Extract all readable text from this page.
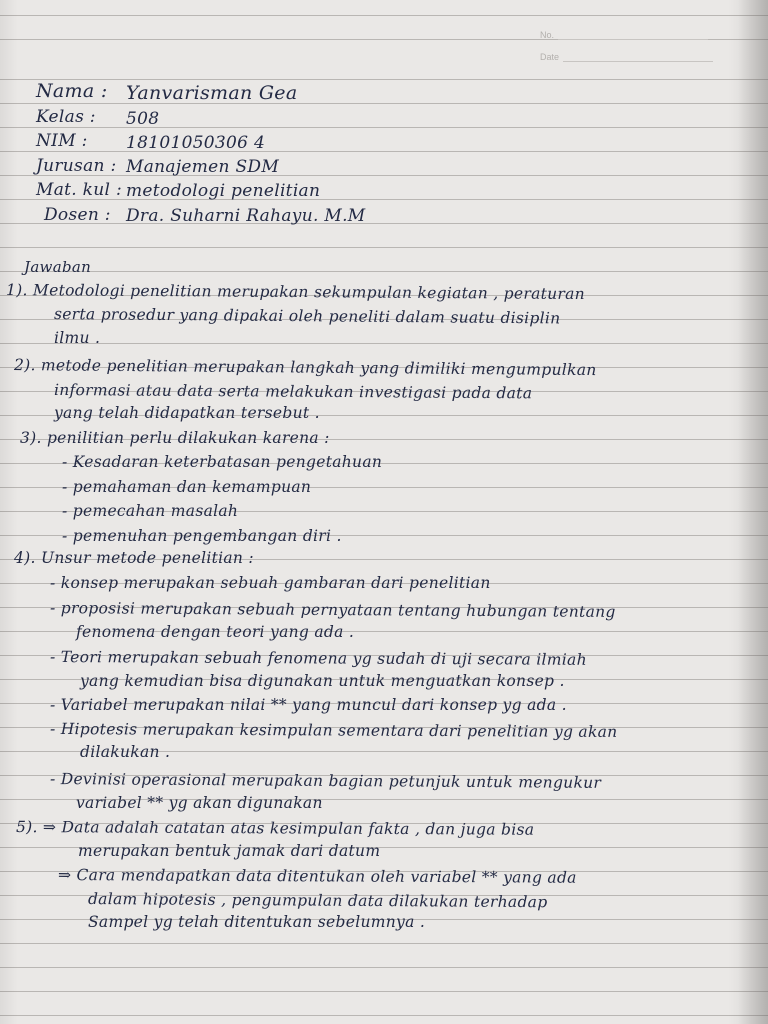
No.
Date
Nama : Yanvarisman Gea
Kelas : 508
NIM : 18101050306 4
Jurusan : Manajemen SDM
Mat. kul : metodologi penelitian
Dosen : Dra. Suharni Rahayu. M.M
Jawaban
1). Metodologi penelitian merupakan sekumpulan kegiatan , peraturan
serta prosedur yang dipakai oleh peneliti dalam suatu disiplin
ilmu .
2). metode penelitian merupakan langkah yang dimiliki mengumpulkan
informasi atau data serta melakukan investigasi pada data
yang telah didapatkan tersebut .
3). penilitian perlu dilakukan karena :
- Kesadaran keterbatasan pengetahuan
- pemahaman dan kemampuan
- pemecahan masalah
- pemenuhan pengembangan diri .
4). Unsur metode penelitian :
- konsep merupakan sebuah gambaran dari penelitian
- proposisi merupakan sebuah pernyataan tentang hubungan tentang
fenomena dengan teori yang ada .
- Teori merupakan sebuah fenomena yg sudah di uji secara ilmiah
yang kemudian bisa digunakan untuk menguatkan konsep .
- Variabel merupakan nilai ** yang muncul dari konsep yg ada .
- Hipotesis merupakan kesimpulan sementara dari penelitian yg akan
dilakukan .
- Devinisi operasional merupakan bagian petunjuk untuk mengukur
variabel ** yg akan digunakan
5). ⇒ Data adalah catatan atas kesimpulan fakta , dan juga bisa
merupakan bentuk jamak dari datum
⇒ Cara mendapatkan data ditentukan oleh variabel ** yang ada
dalam hipotesis , pengumpulan data dilakukan terhadap
Sampel yg telah ditentukan sebelumnya .
